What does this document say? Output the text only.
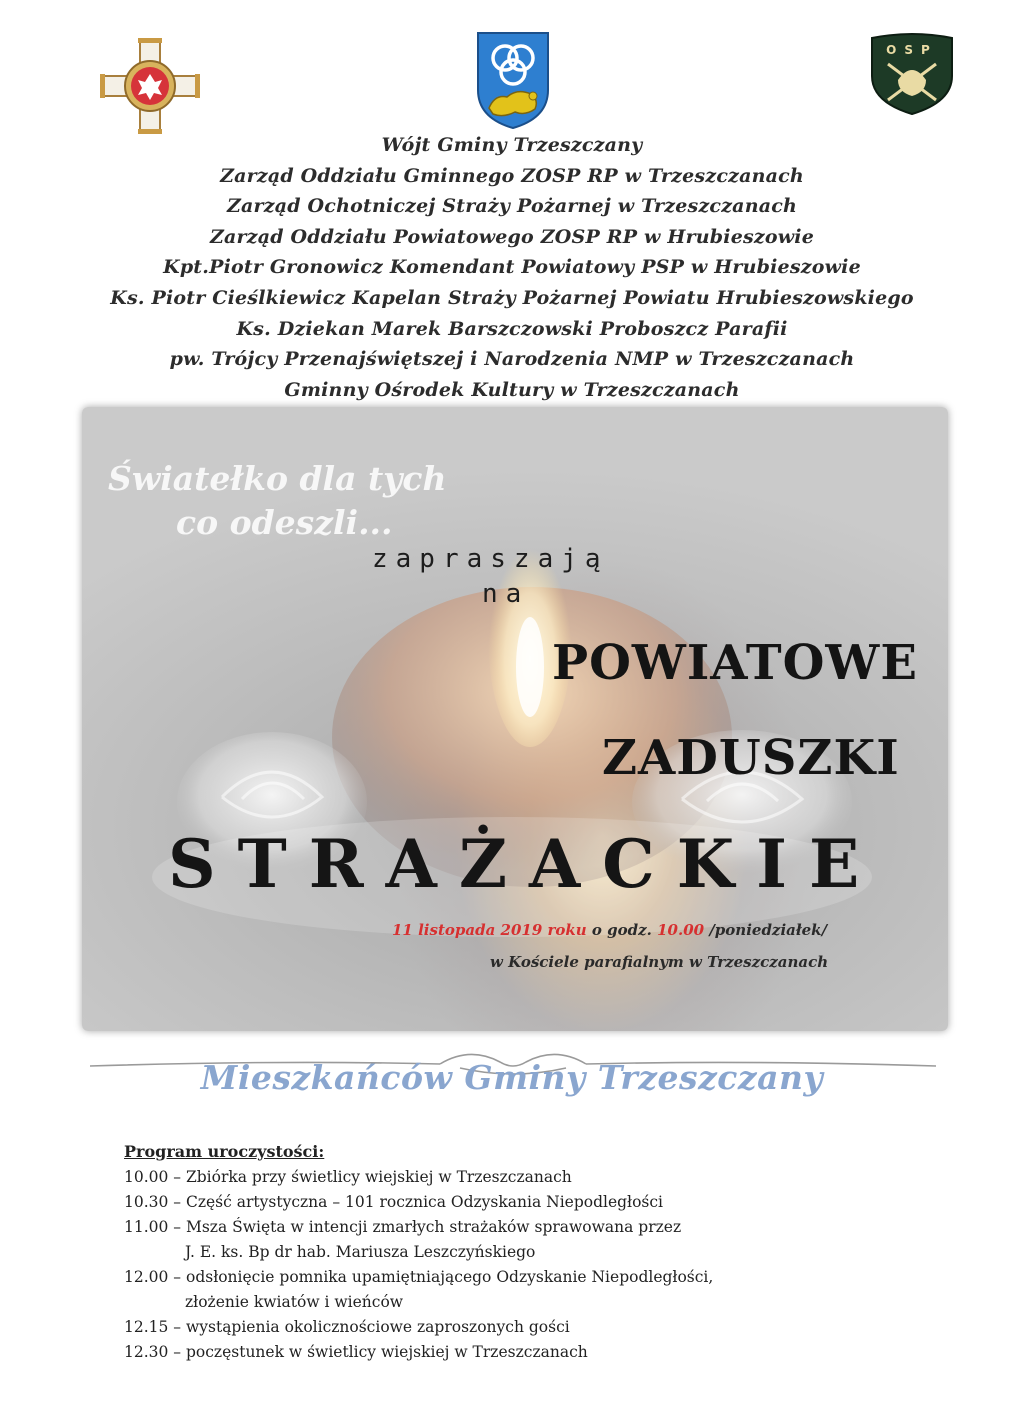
OSP
Wójt Gminy Trzeszczany
Zarząd Oddziału Gminnego ZOSP RP w Trzeszczanach
Zarząd Ochotniczej Straży Pożarnej w Trzeszczanach
Zarząd Oddziału Powiatowego ZOSP RP w Hrubieszowie
Kpt.Piotr Gronowicz Komendant Powiatowy PSP w Hrubieszowie
Ks. Piotr Cieślkiewicz Kapelan Straży Pożarnej Powiatu Hrubieszowskiego
Ks. Dziekan Marek Barszczowski Proboszcz Parafii
pw. Trójcy Przenajświętszej i Narodzenia NMP w Trzeszczanach
Gminny Ośrodek Kultury w Trzeszczanach
Światełko dla tych
co odeszli...
zapraszają
na
POWIATOWE
ZADUSZKI
STRAŻACKIE
11 listopada 2019 roku o godz. 10.00 /poniedziałek/
w Kościele parafialnym w Trzeszczanach
Mieszkańców Gminy Trzeszczany
Program uroczystości:
10.00 – Zbiórka przy świetlicy wiejskiej w Trzeszczanach
10.30 – Część artystyczna – 101 rocznica Odzyskania Niepodległości
11.00 – Msza Święta w intencji zmarłych strażaków sprawowana przez
J. E. ks. Bp dr hab. Mariusza Leszczyńskiego
12.00 – odsłonięcie pomnika upamiętniającego Odzyskanie Niepodległości,
złożenie kwiatów i wieńców
12.15 – wystąpienia okolicznościowe zaproszonych gości
12.30 – poczęstunek w świetlicy wiejskiej w Trzeszczanach
